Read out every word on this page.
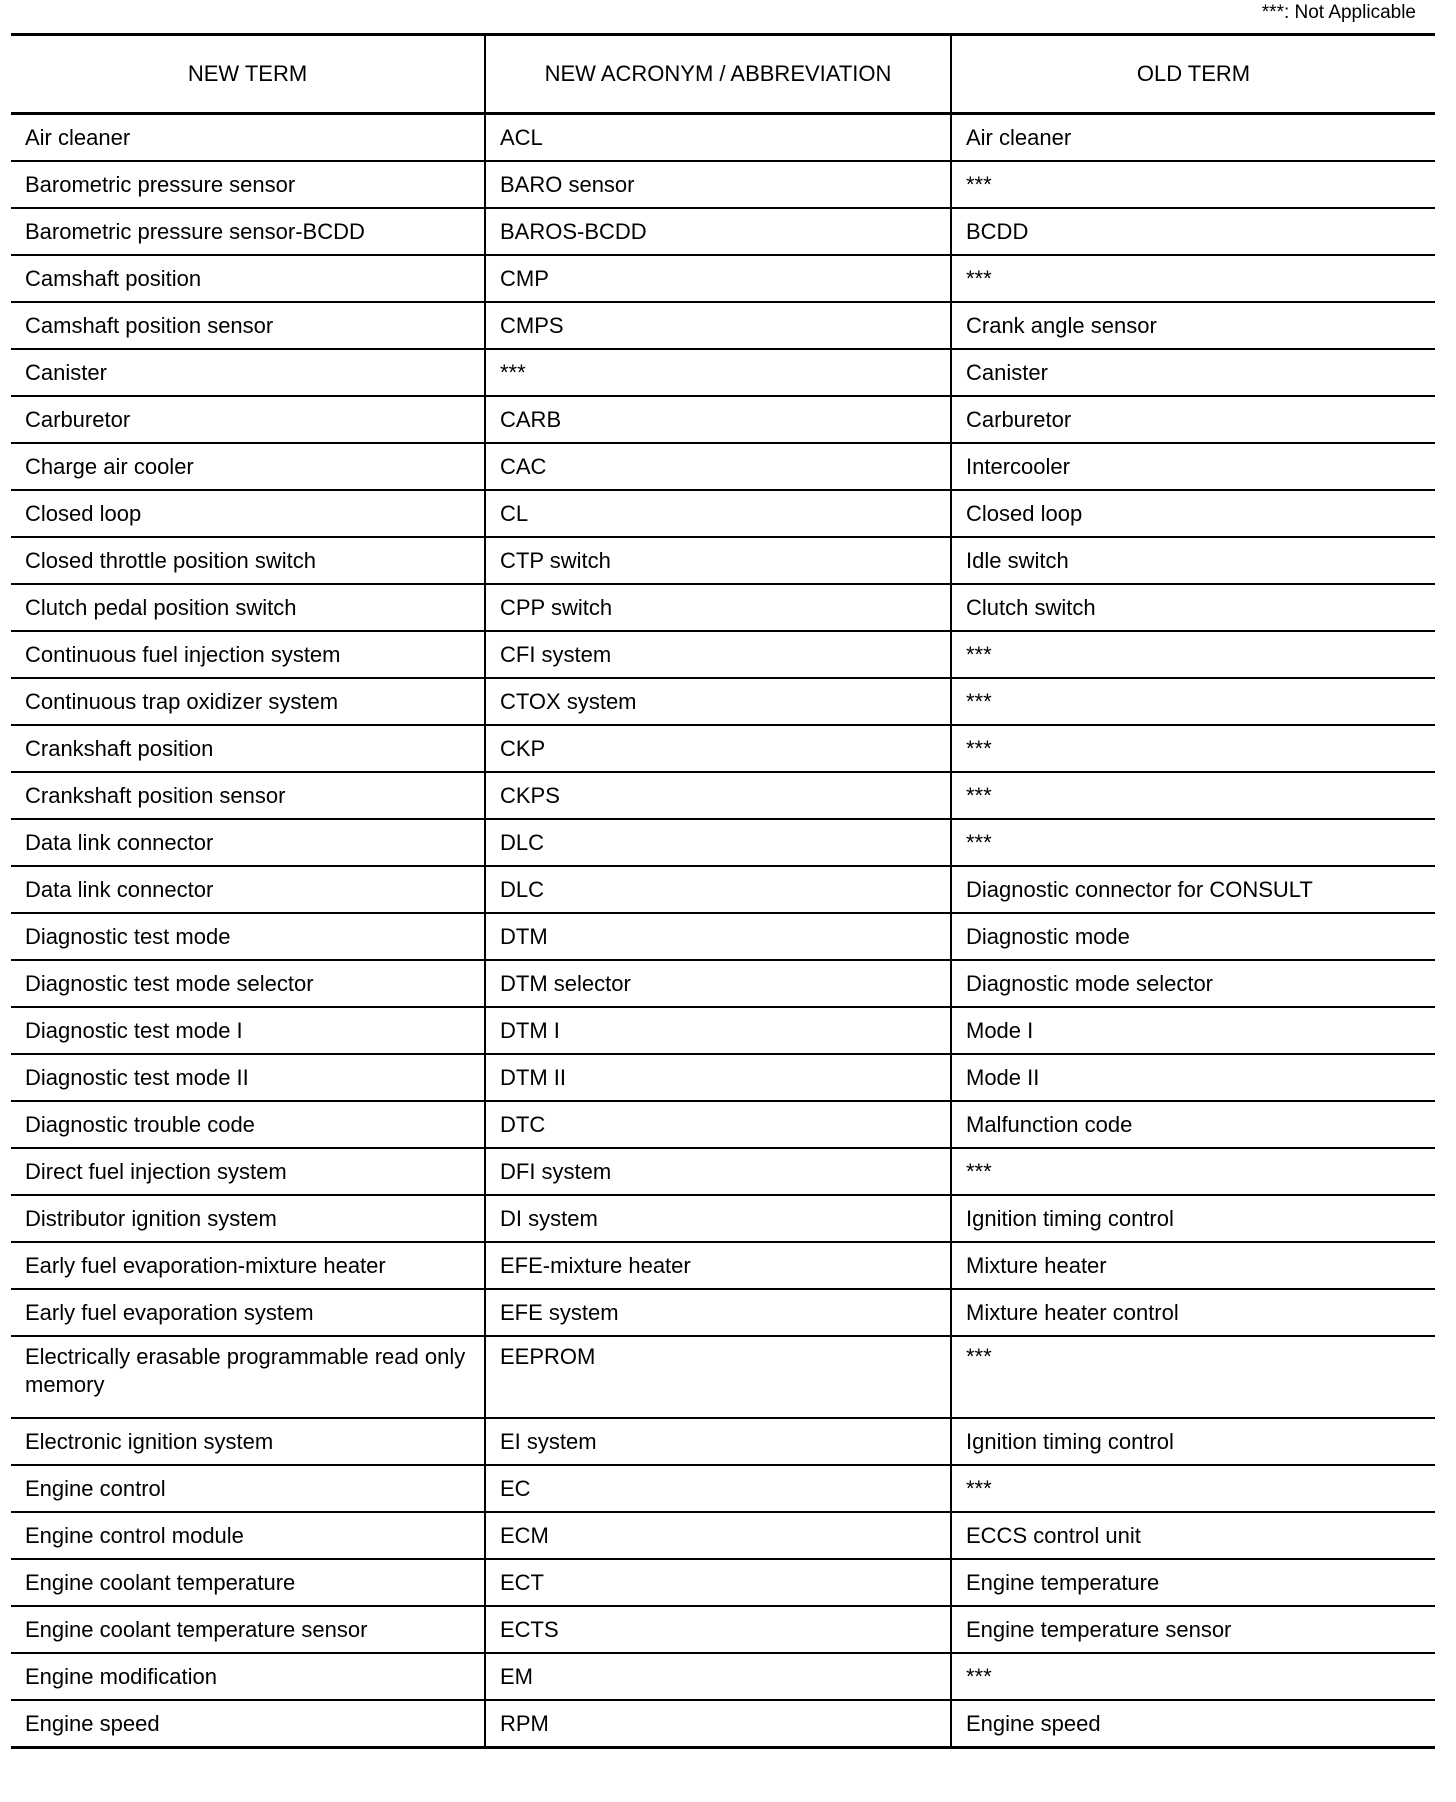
***: Not Applicable
NEW TERM	NEW ACRONYM / ABBREVIATION	OLD TERM
Air cleaner	ACL	Air cleaner
Barometric pressure sensor	BARO sensor	***
Barometric pressure sensor-BCDD	BAROS-BCDD	BCDD
Camshaft position	CMP	***
Camshaft position sensor	CMPS	Crank angle sensor
Canister	***	Canister
Carburetor	CARB	Carburetor
Charge air cooler	CAC	Intercooler
Closed loop	CL	Closed loop
Closed throttle position switch	CTP switch	Idle switch
Clutch pedal position switch	CPP switch	Clutch switch
Continuous fuel injection system	CFI system	***
Continuous trap oxidizer system	CTOX system	***
Crankshaft position	CKP	***
Crankshaft position sensor	CKPS	***
Data link connector	DLC	***
Data link connector	DLC	Diagnostic connector for CONSULT
Diagnostic test mode	DTM	Diagnostic mode
Diagnostic test mode selector	DTM selector	Diagnostic mode selector
Diagnostic test mode I	DTM I	Mode I
Diagnostic test mode II	DTM II	Mode II
Diagnostic trouble code	DTC	Malfunction code
Direct fuel injection system	DFI system	***
Distributor ignition system	DI system	Ignition timing control
Early fuel evaporation-mixture heater	EFE-mixture heater	Mixture heater
Early fuel evaporation system	EFE system	Mixture heater control
Electrically erasable programmable read only memory	EEPROM	***
Electronic ignition system	EI system	Ignition timing control
Engine control	EC	***
Engine control module	ECM	ECCS control unit
Engine coolant temperature	ECT	Engine temperature
Engine coolant temperature sensor	ECTS	Engine temperature sensor
Engine modification	EM	***
Engine speed	RPM	Engine speed
